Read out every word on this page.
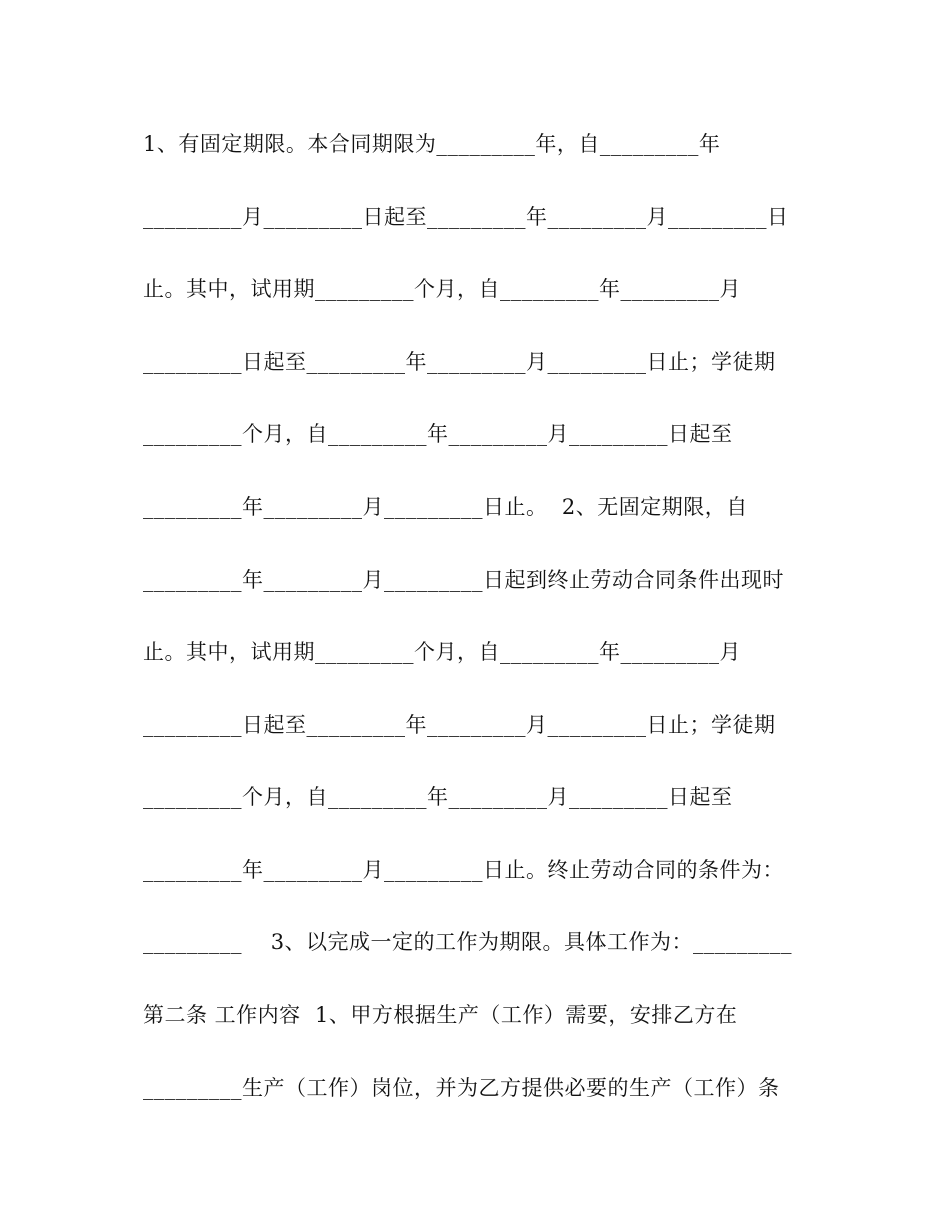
1、有固定期限。本合同期限为_________年，自_________年
_________月_________日起至_________年_________月_________日
止。其中，试用期_________个月，自_________年_________月
_________日起至_________年_________月_________日止；学徒期
_________个月，自_________年_________月_________日起至
_________年_________月_________日止。  2、无固定期限，自
_________年_________月_________日起到终止劳动合同条件出现时
止。其中，试用期_________个月，自_________年_________月
_________日起至_________年_________月_________日止；学徒期
_________个月，自_________年_________月_________日起至
_________年_________月_________日止。终止劳动合同的条件为：
_________    3、以完成一定的工作为期限。具体工作为：_________
第二条 工作内容  1、甲方根据生产（工作）需要，安排乙方在
_________生产（工作）岗位，并为乙方提供必要的生产（工作）条
